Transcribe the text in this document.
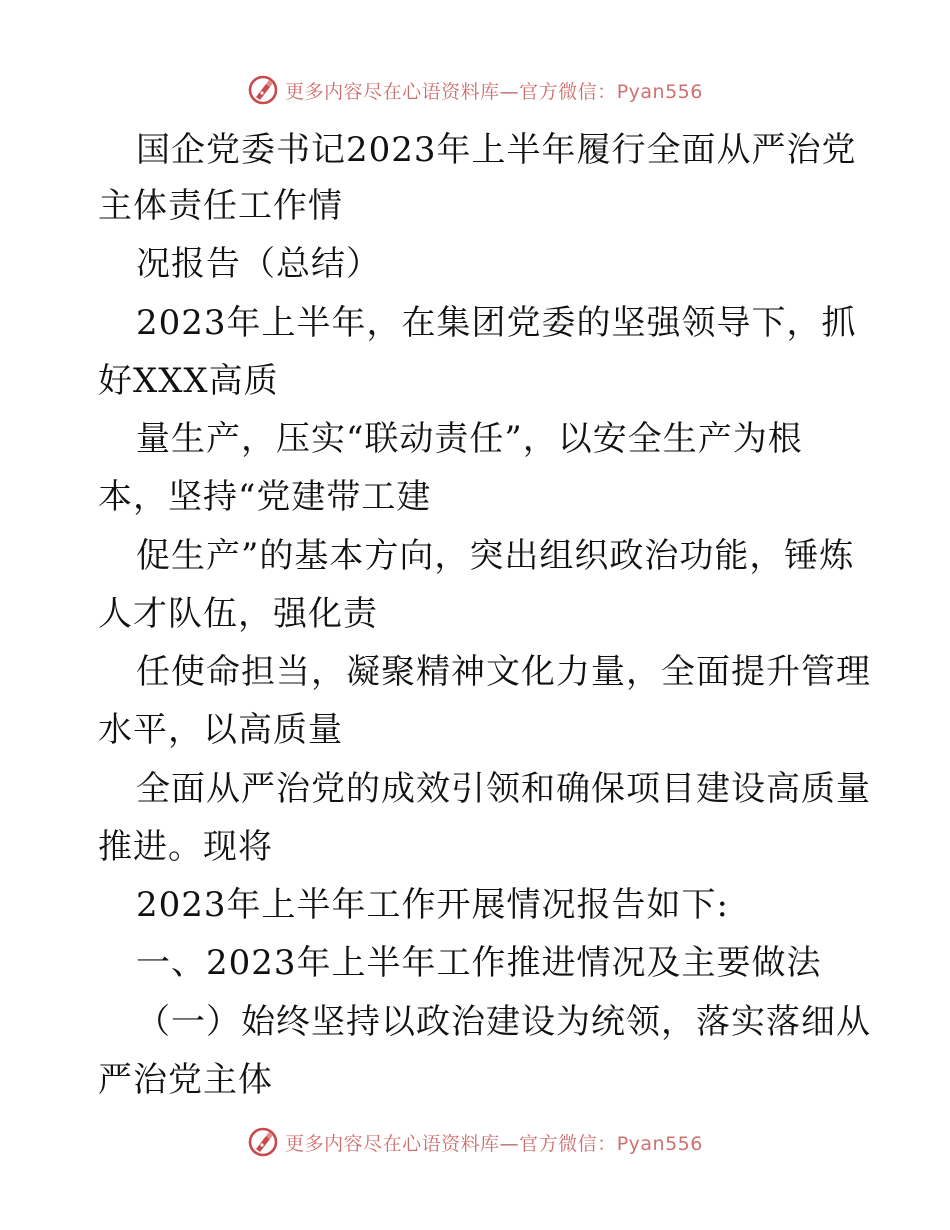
更多内容尽在心语资料库—官方微信：Pyan556
国企党委书记2023年上半年履行全面从严治党
主体责任工作情
况报告（总结）
2023年上半年，在集团党委的坚强领导下，抓
好XXX高质
量生产，压实“联动责任”，以安全生产为根
本，坚持“党建带工建
促生产”的基本方向，突出组织政治功能，锤炼
人才队伍，强化责
任使命担当，凝聚精神文化力量，全面提升管理
水平，以高质量
全面从严治党的成效引领和确保项目建设高质量
推进。现将
2023年上半年工作开展情况报告如下:
一、2023年上半年工作推进情况及主要做法
（一）始终坚持以政治建设为统领，落实落细从
严治党主体
更多内容尽在心语资料库—官方微信：Pyan556
